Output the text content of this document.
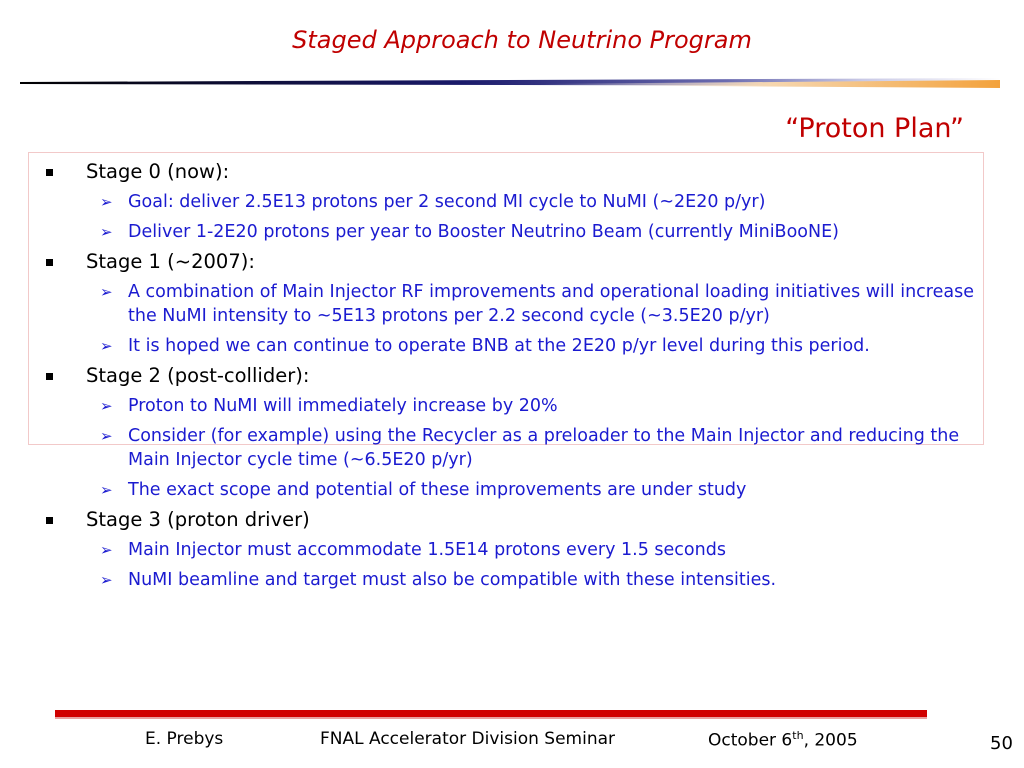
Staged Approach to Neutrino Program
“Proton Plan”
Stage 0 (now):
➢ Goal: deliver 2.5E13 protons per 2 second MI cycle to NuMI (~2E20 p/yr)
➢ Deliver 1-2E20 protons per year to Booster Neutrino Beam (currently MiniBooNE)
Stage 1 (~2007):
➢ A combination of Main Injector RF improvements and operational loading initiatives will increase the NuMI intensity to ~5E13 protons per 2.2 second cycle (~3.5E20 p/yr)
➢ It is hoped we can continue to operate BNB at the 2E20 p/yr level during this period.
Stage 2 (post-collider):
➢ Proton to NuMI will immediately increase by 20%
➢ Consider (for example) using the Recycler as a preloader to the Main Injector and reducing the Main Injector cycle time (~6.5E20 p/yr)
➢ The exact scope and potential of these improvements are under study
Stage 3 (proton driver)
➢ Main Injector must accommodate 1.5E14 protons every 1.5 seconds
➢ NuMI beamline and target must also be compatible with these intensities.
E. Prebys	FNAL Accelerator Division Seminar	October 6th, 2005	50
